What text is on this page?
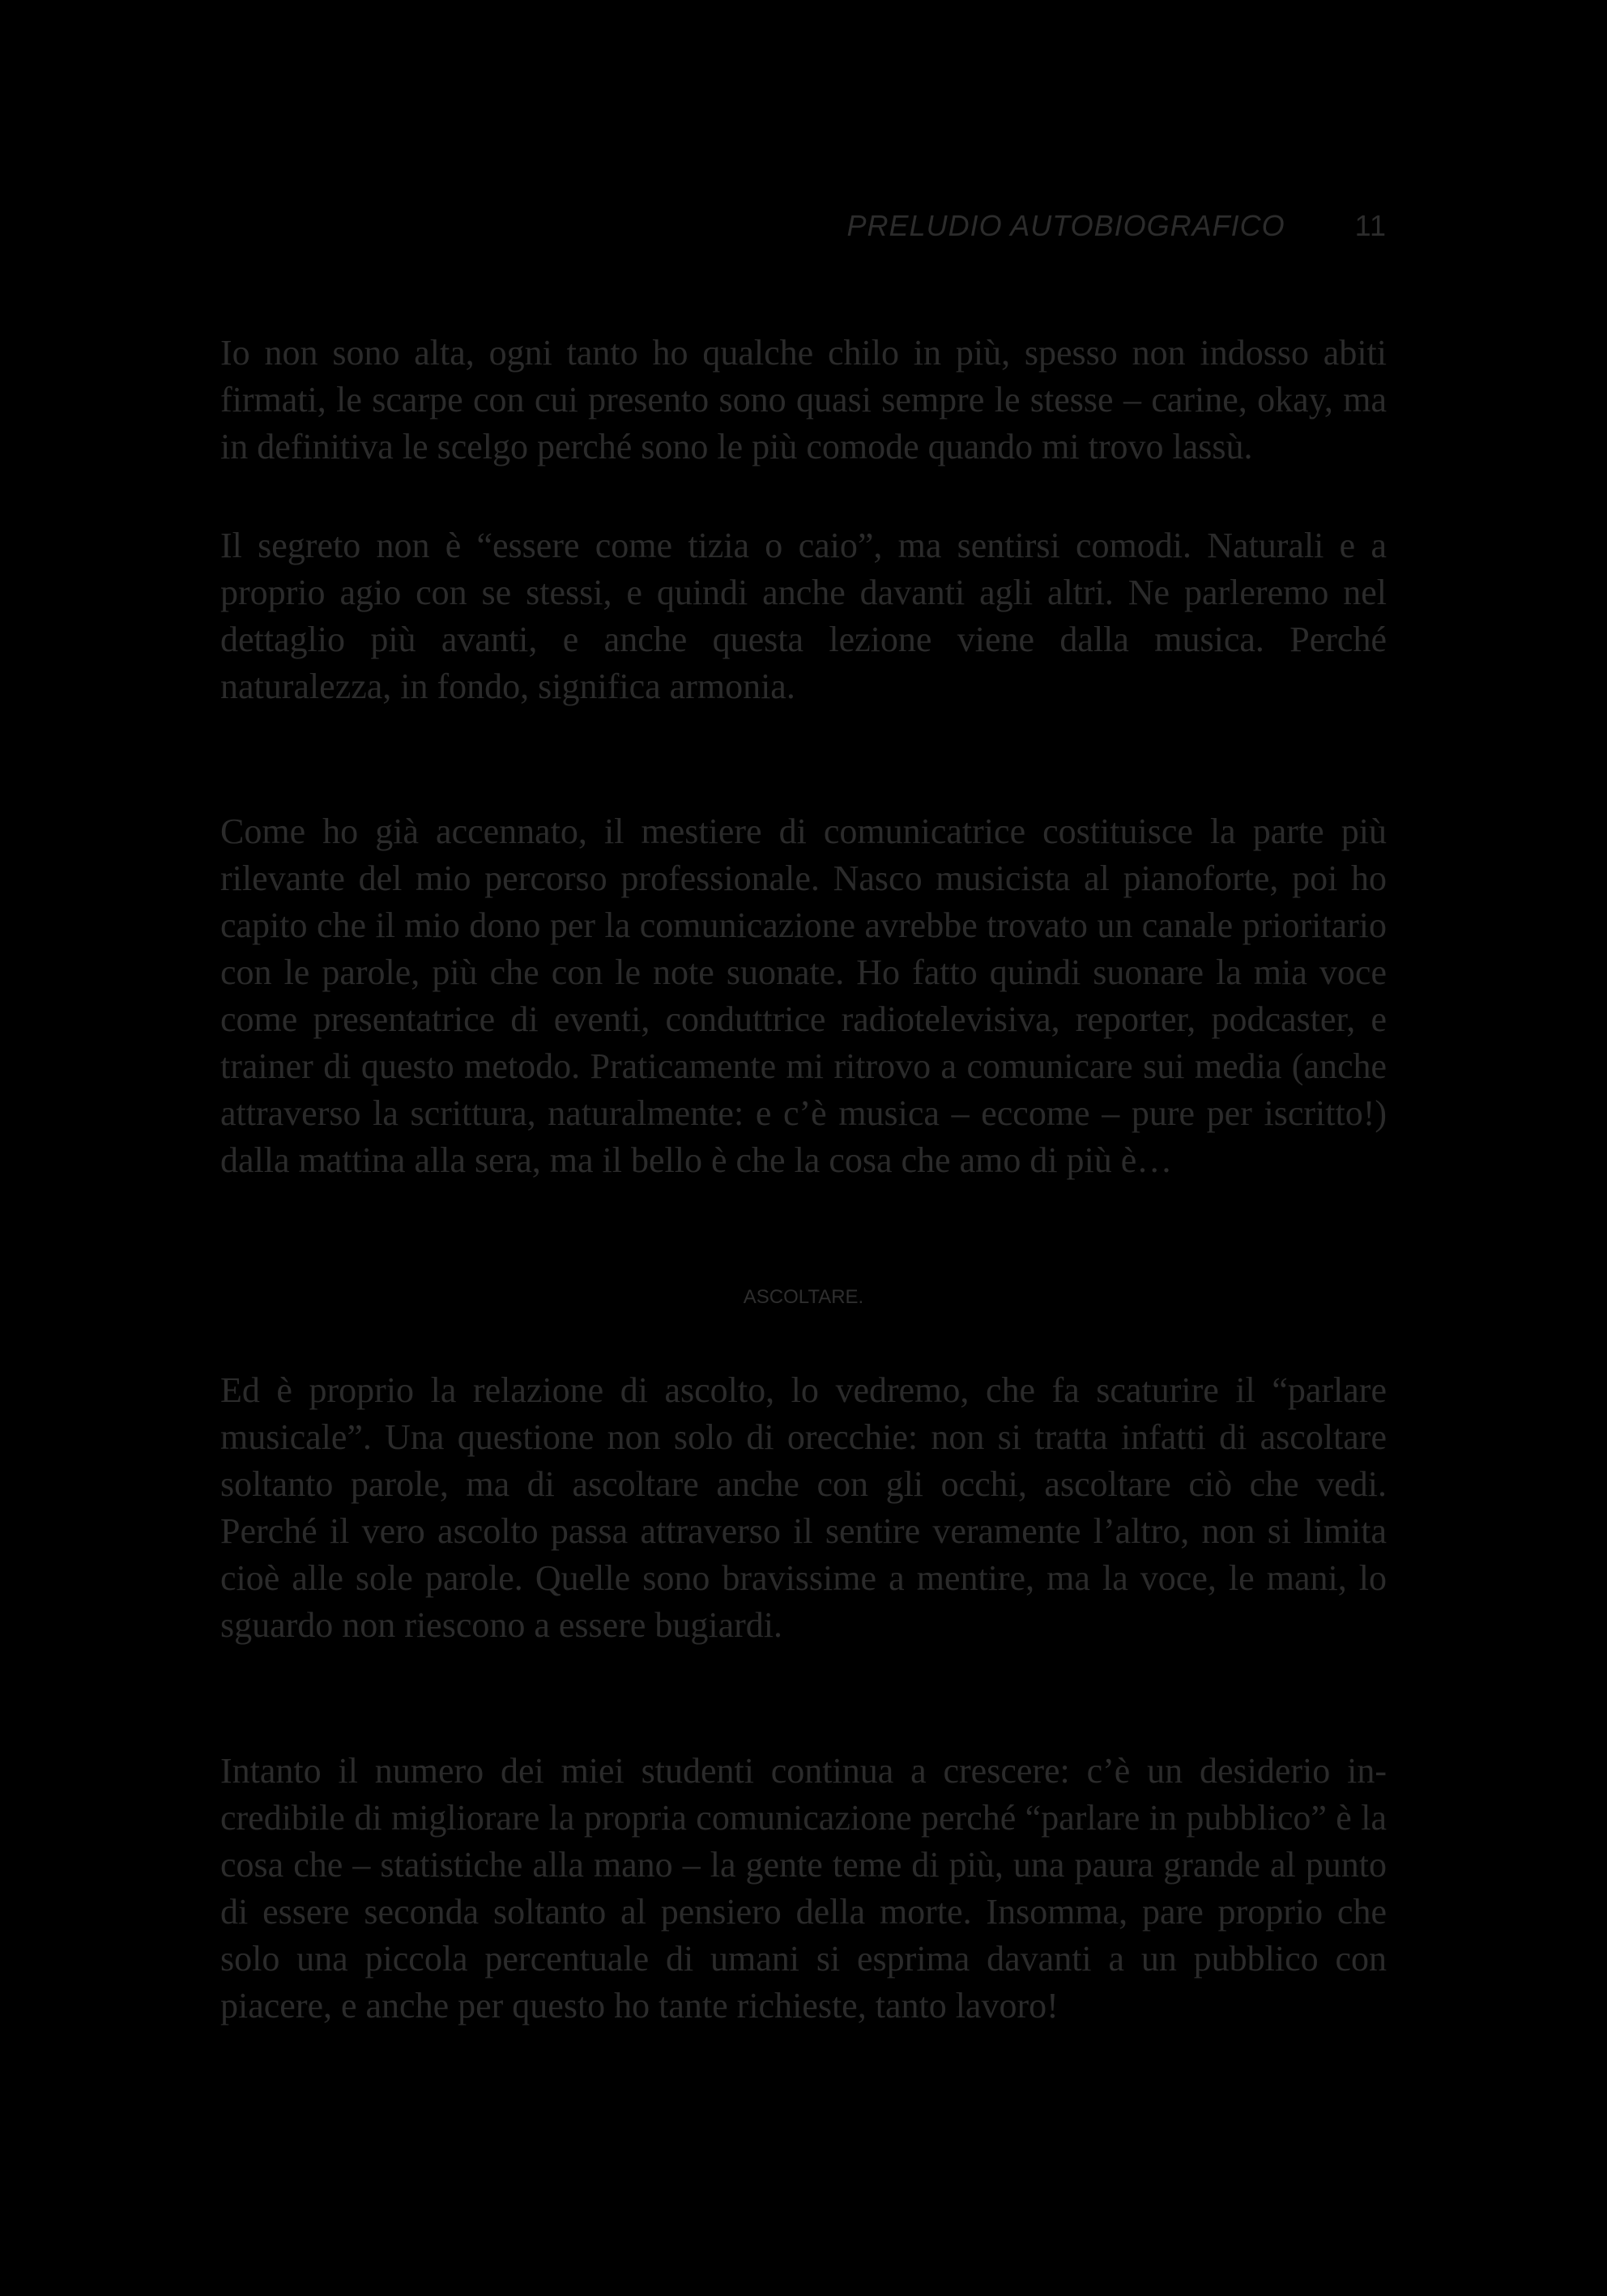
PRELUDIO AUTOBIOGRAFICO 11

Io non sono alta, ogni tanto ho qualche chilo in più, spesso non indosso abiti firmati, le scarpe con cui presento sono quasi sempre le stesse – carine, okay, ma in definitiva le scelgo perché sono le più comode quando mi trovo lassù.

Il segreto non è “essere come tizia o caio”, ma sentirsi comodi. Naturali e a proprio agio con se stessi, e quindi anche davanti agli altri. Ne parleremo nel dettaglio più avanti, e anche questa lezione viene dalla musica. Perché naturalezza, in fondo, significa armonia.

Come ho già accennato, il mestiere di comunicatrice costituisce la parte più rilevante del mio percorso professionale. Nasco musicista al pianoforte, poi ho capito che il mio dono per la comunicazione avrebbe trovato un canale prioritario con le parole, più che con le note suonate. Ho fatto quindi suonare la mia voce come presentatrice di eventi, conduttrice radiotelevisiva, reporter, podcaster, e trainer di questo metodo. Praticamente mi ritrovo a comunicare sui media (anche attraverso la scrittura, naturalmente: e c’è musica – eccome – pure per iscritto!) dalla mattina alla sera, ma il bello è che la cosa che amo di più è…

ASCOLTARE.

Ed è proprio la relazione di ascolto, lo vedremo, che fa scaturire il “parlare musicale”. Una questione non solo di orecchie: non si tratta infatti di ascoltare soltanto parole, ma di ascoltare anche con gli occhi, ascoltare ciò che vedi. Perché il vero ascolto passa attraverso il sentire veramente l’altro, non si limita cioè alle sole parole. Quelle sono bravissime a mentire, ma la voce, le mani, lo sguardo non riescono a essere bugiardi.

Intanto il numero dei miei studenti continua a crescere: c’è un desiderio incredibile di migliorare la propria comunicazione perché “parlare in pubblico” è la cosa che – statistiche alla mano – la gente teme di più, una paura grande al punto di essere seconda soltanto al pensiero della morte. Insomma, pare proprio che solo una piccola percentuale di umani si esprima davanti a un pubblico con piacere, e anche per questo ho tante richieste, tanto lavoro!
